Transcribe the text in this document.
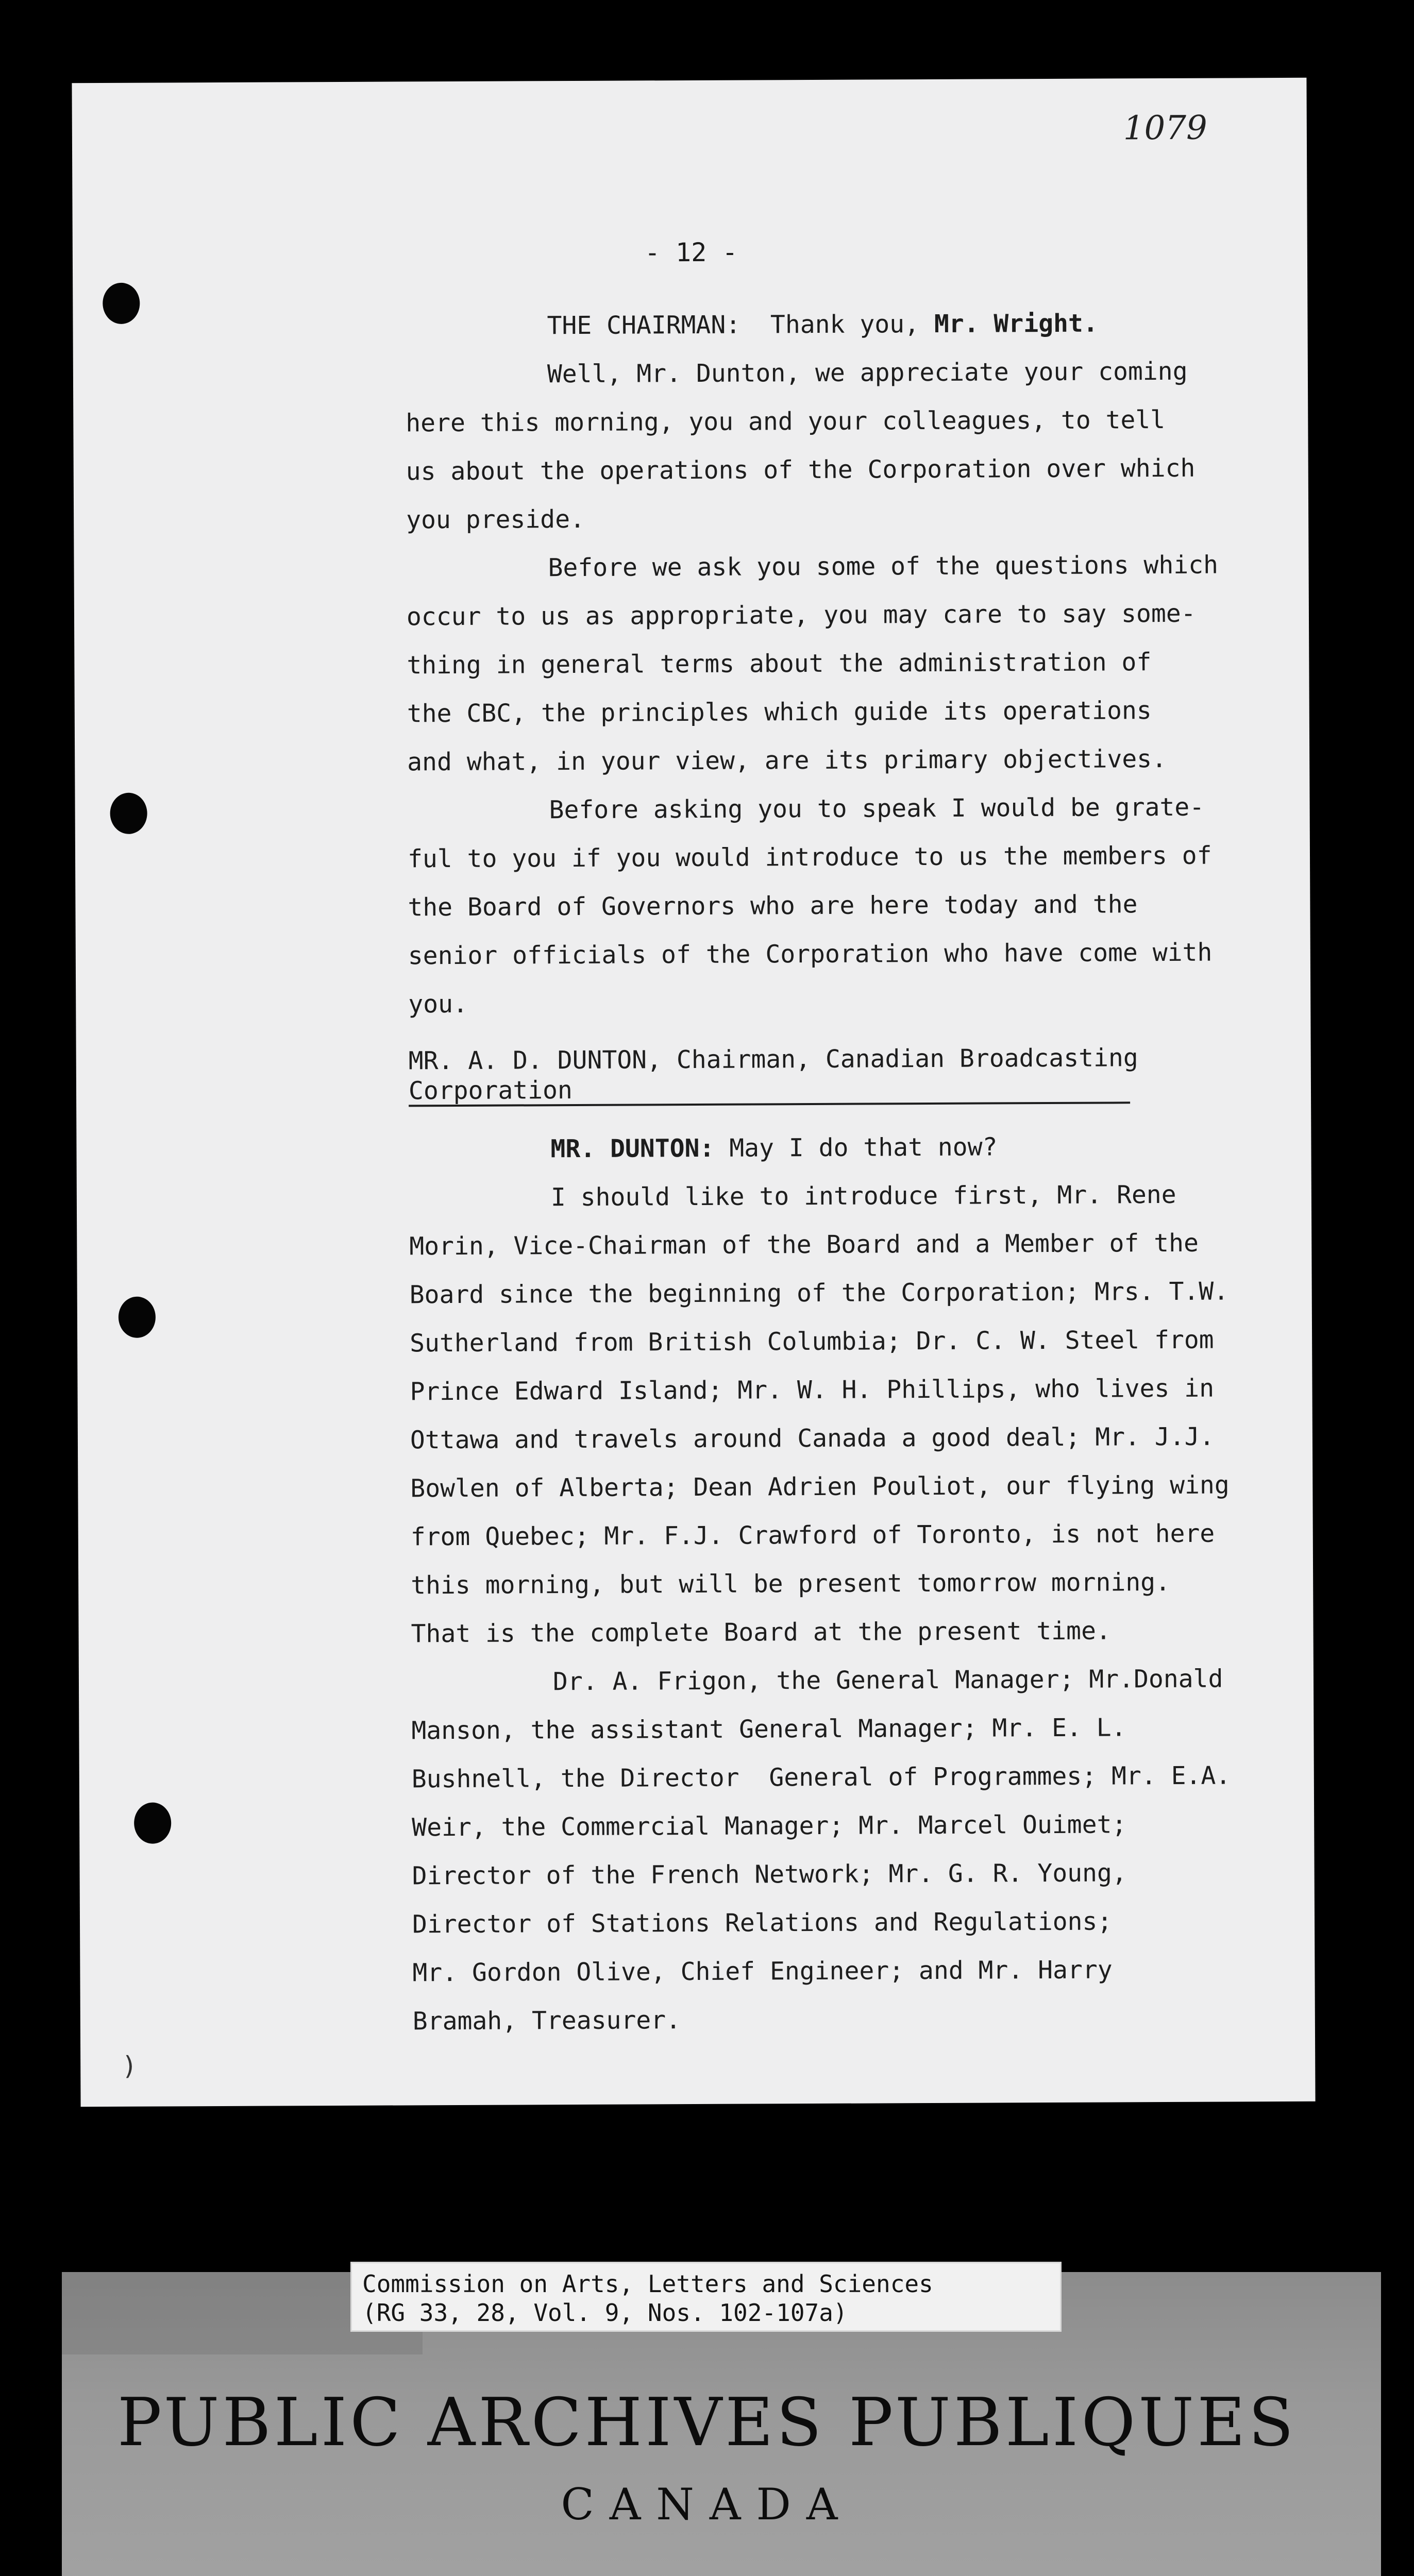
1079
- 12 -
THE CHAIRMAN:  Thank you, Mr. Wright.
Well, Mr. Dunton, we appreciate your coming
here this morning, you and your colleagues, to tell
us about the operations of the Corporation over which
you preside.
Before we ask you some of the questions which
occur to us as appropriate, you may care to say some-
thing in general terms about the administration of
the CBC, the principles which guide its operations
and what, in your view, are its primary objectives.
Before asking you to speak I would be grate-
ful to you if you would introduce to us the members of
the Board of Governors who are here today and the
senior officials of the Corporation who have come with
you.
MR. A. D. DUNTON, Chairman, Canadian Broadcasting
Corporation
MR. DUNTON: May I do that now?
I should like to introduce first, Mr. Rene
Morin, Vice-Chairman of the Board and a Member of the
Board since the beginning of the Corporation; Mrs. T.W.
Sutherland from British Columbia; Dr. C. W. Steel from
Prince Edward Island; Mr. W. H. Phillips, who lives in
Ottawa and travels around Canada a good deal; Mr. J.J.
Bowlen of Alberta; Dean Adrien Pouliot, our flying wing
from Quebec; Mr. F.J. Crawford of Toronto, is not here
this morning, but will be present tomorrow morning.
That is the complete Board at the present time.
Dr. A. Frigon, the General Manager; Mr.Donald
Manson, the assistant General Manager; Mr. E. L.
Bushnell, the Director  General of Programmes; Mr. E.A.
Weir, the Commercial Manager; Mr. Marcel Ouimet;
Director of the French Network; Mr. G. R. Young,
Director of Stations Relations and Regulations;
Mr. Gordon Olive, Chief Engineer; and Mr. Harry
Bramah, Treasurer.
)
Commission on Arts, Letters and Sciences
(RG 33, 28, Vol. 9, Nos. 102-107a)
PUBLIC ARCHIVES PUBLIQUES
CANADA
